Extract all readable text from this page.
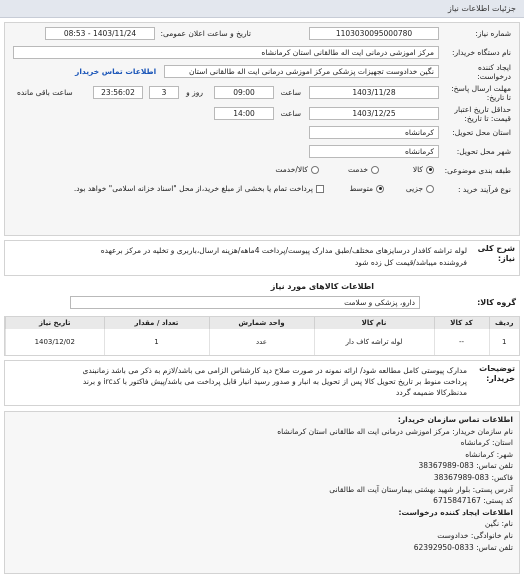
جزئیات اطلاعات نیاز
شماره نیاز:
1103030095000780
تاریخ و ساعت اعلان عمومی:
1403/11/24 - 08:53
نام دستگاه خریدار:
مرکز اموزشی درمانی ایت اله طالقانی استان کرمانشاه
ایجاد کننده درخواست:
نگین خدادوست تجهیزات پزشکی مرکز اموزشی درمانی ایت اله طالقانی استان
اطلاعات تماس خریدار
مهلت ارسال پاسخ: تا تاریخ:
1403/11/28
ساعت
09:00
روز و
3
23:56:02
ساعت باقی مانده
حداقل تاریخ اعتبار قیمت: تا تاریخ:
1403/12/25
ساعت
14:00
استان محل تحویل:
کرمانشاه
شهر محل تحویل:
کرمانشاه
طبقه بندی موضوعی:
کالا
خدمت
کالا/خدمت
نوع فرآیند خرید :
جزیی
متوسط
پرداخت تمام یا بخشی از مبلغ خرید،از محل "اسناد خزانه اسلامی" خواهد بود.
شرح کلی نیاز:
لوله تراشه کافدار درسایزهای مختلف/طبق مدارک پیوست/پرداخت 4ماهه/هزینه ارسال،باربری و تخلیه در مرکز برعهده
فروشنده میباشد/قیمت کل زده شود
اطلاعات کالاهای مورد نیاز
گروه کالا:
دارو، پزشکی و سلامت
ردیف	کد کالا	نام کالا	واحد شمارش	تعداد / مقدار	تاریخ نیاز
1	--	لوله تراشه کاف دار	عدد	1	1403/12/02
توضیحات خریدار:
مدارک پیوستی کامل مطالعه شود/ ارائه نمونه در صورت صلاح دید کارشناس الزامی می باشد/لازم به ذکر می باشد زمانبندی
پرداخت منوط بر تاریخ تحویل کالا پس از تحویل به انبار و صدور رسید انبار قابل پرداخت می باشد/پیش فاکتور با کدirc و برند
مدنظرکالا ضمیمه گردد
اطلاعات تماس سازمان خریدار:
نام سازمان خریدار: مرکز اموزشی درمانی ایت اله طالقانی استان کرمانشاه
استان: کرمانشاه
شهر: کرمانشاه
تلفن تماس: 083-38367989
فاکس: 083-38367989
آدرس پستی: بلوار شهید بهشتی بیمارستان آیت اله طالقانی
کد پستی: 6715847167
اطلاعات ایجاد کننده درخواست:
نام: نگین
نام خانوادگی: خدادوست
تلفن تماس: 0833-62392950
